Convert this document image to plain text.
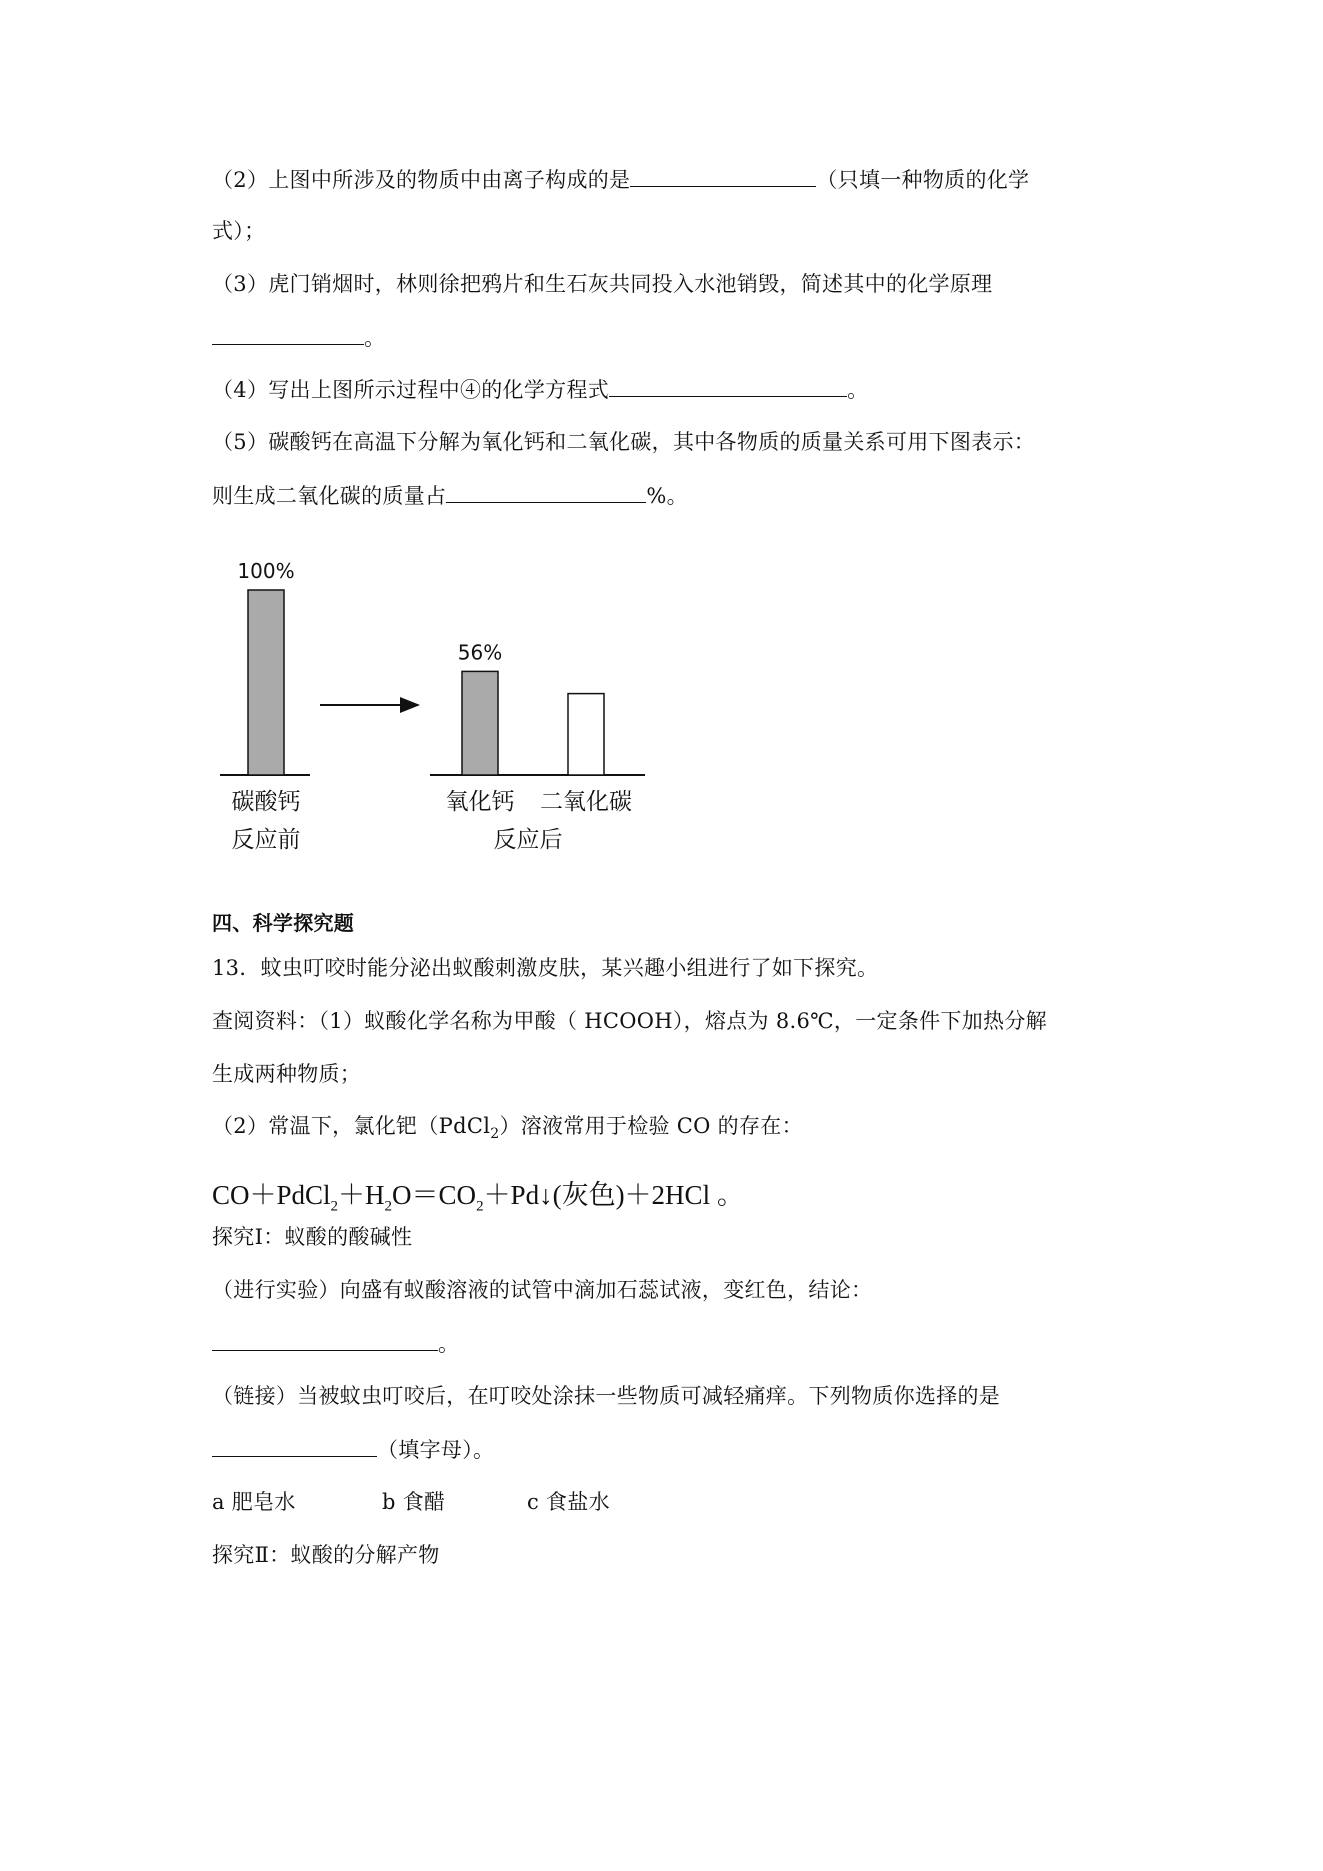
（2）上图中所涉及的物质中由离子构成的是	（只填一种物质的化学
式）；
（3）虎门销烟时，林则徐把鸦片和生石灰共同投入水池销毁，简述其中的化学原理
。
（4）写出上图所示过程中④的化学方程式	。
（5）碳酸钙在高温下分解为氧化钙和二氧化碳，其中各物质的质量关系可用下图表示：
则生成二氧化碳的质量占	%。
100%
56%
碳酸钙	氧化钙 二氧化碳
反应前	反应后
四、科学探究题
13．蚊虫叮咬时能分泌出蚁酸刺激皮肤，某兴趣小组进行了如下探究。
查阅资料：（1）蚁酸化学名称为甲酸（ HCOOH），熔点为 8.6℃，一定条件下加热分解
生成两种物质；
（2）常温下，氯化钯（PdCl$_2$）溶液常用于检验 CO 的存在：
$CO+PdCl_2+H_2O=CO_2+Pd↓$(灰色)＋2HCl 。
探究Ⅰ：蚁酸的酸碱性
（进行实验）向盛有蚁酸溶液的试管中滴加石蕊试液，变红色，结论：
。
（链接）当被蚊虫叮咬后，在叮咬处涂抹一些物质可减轻痛痒。下列物质你选择的是
（填字母）。
a 肥皂水	b 食醋	c 食盐水
探究Ⅱ：蚁酸的分解产物
